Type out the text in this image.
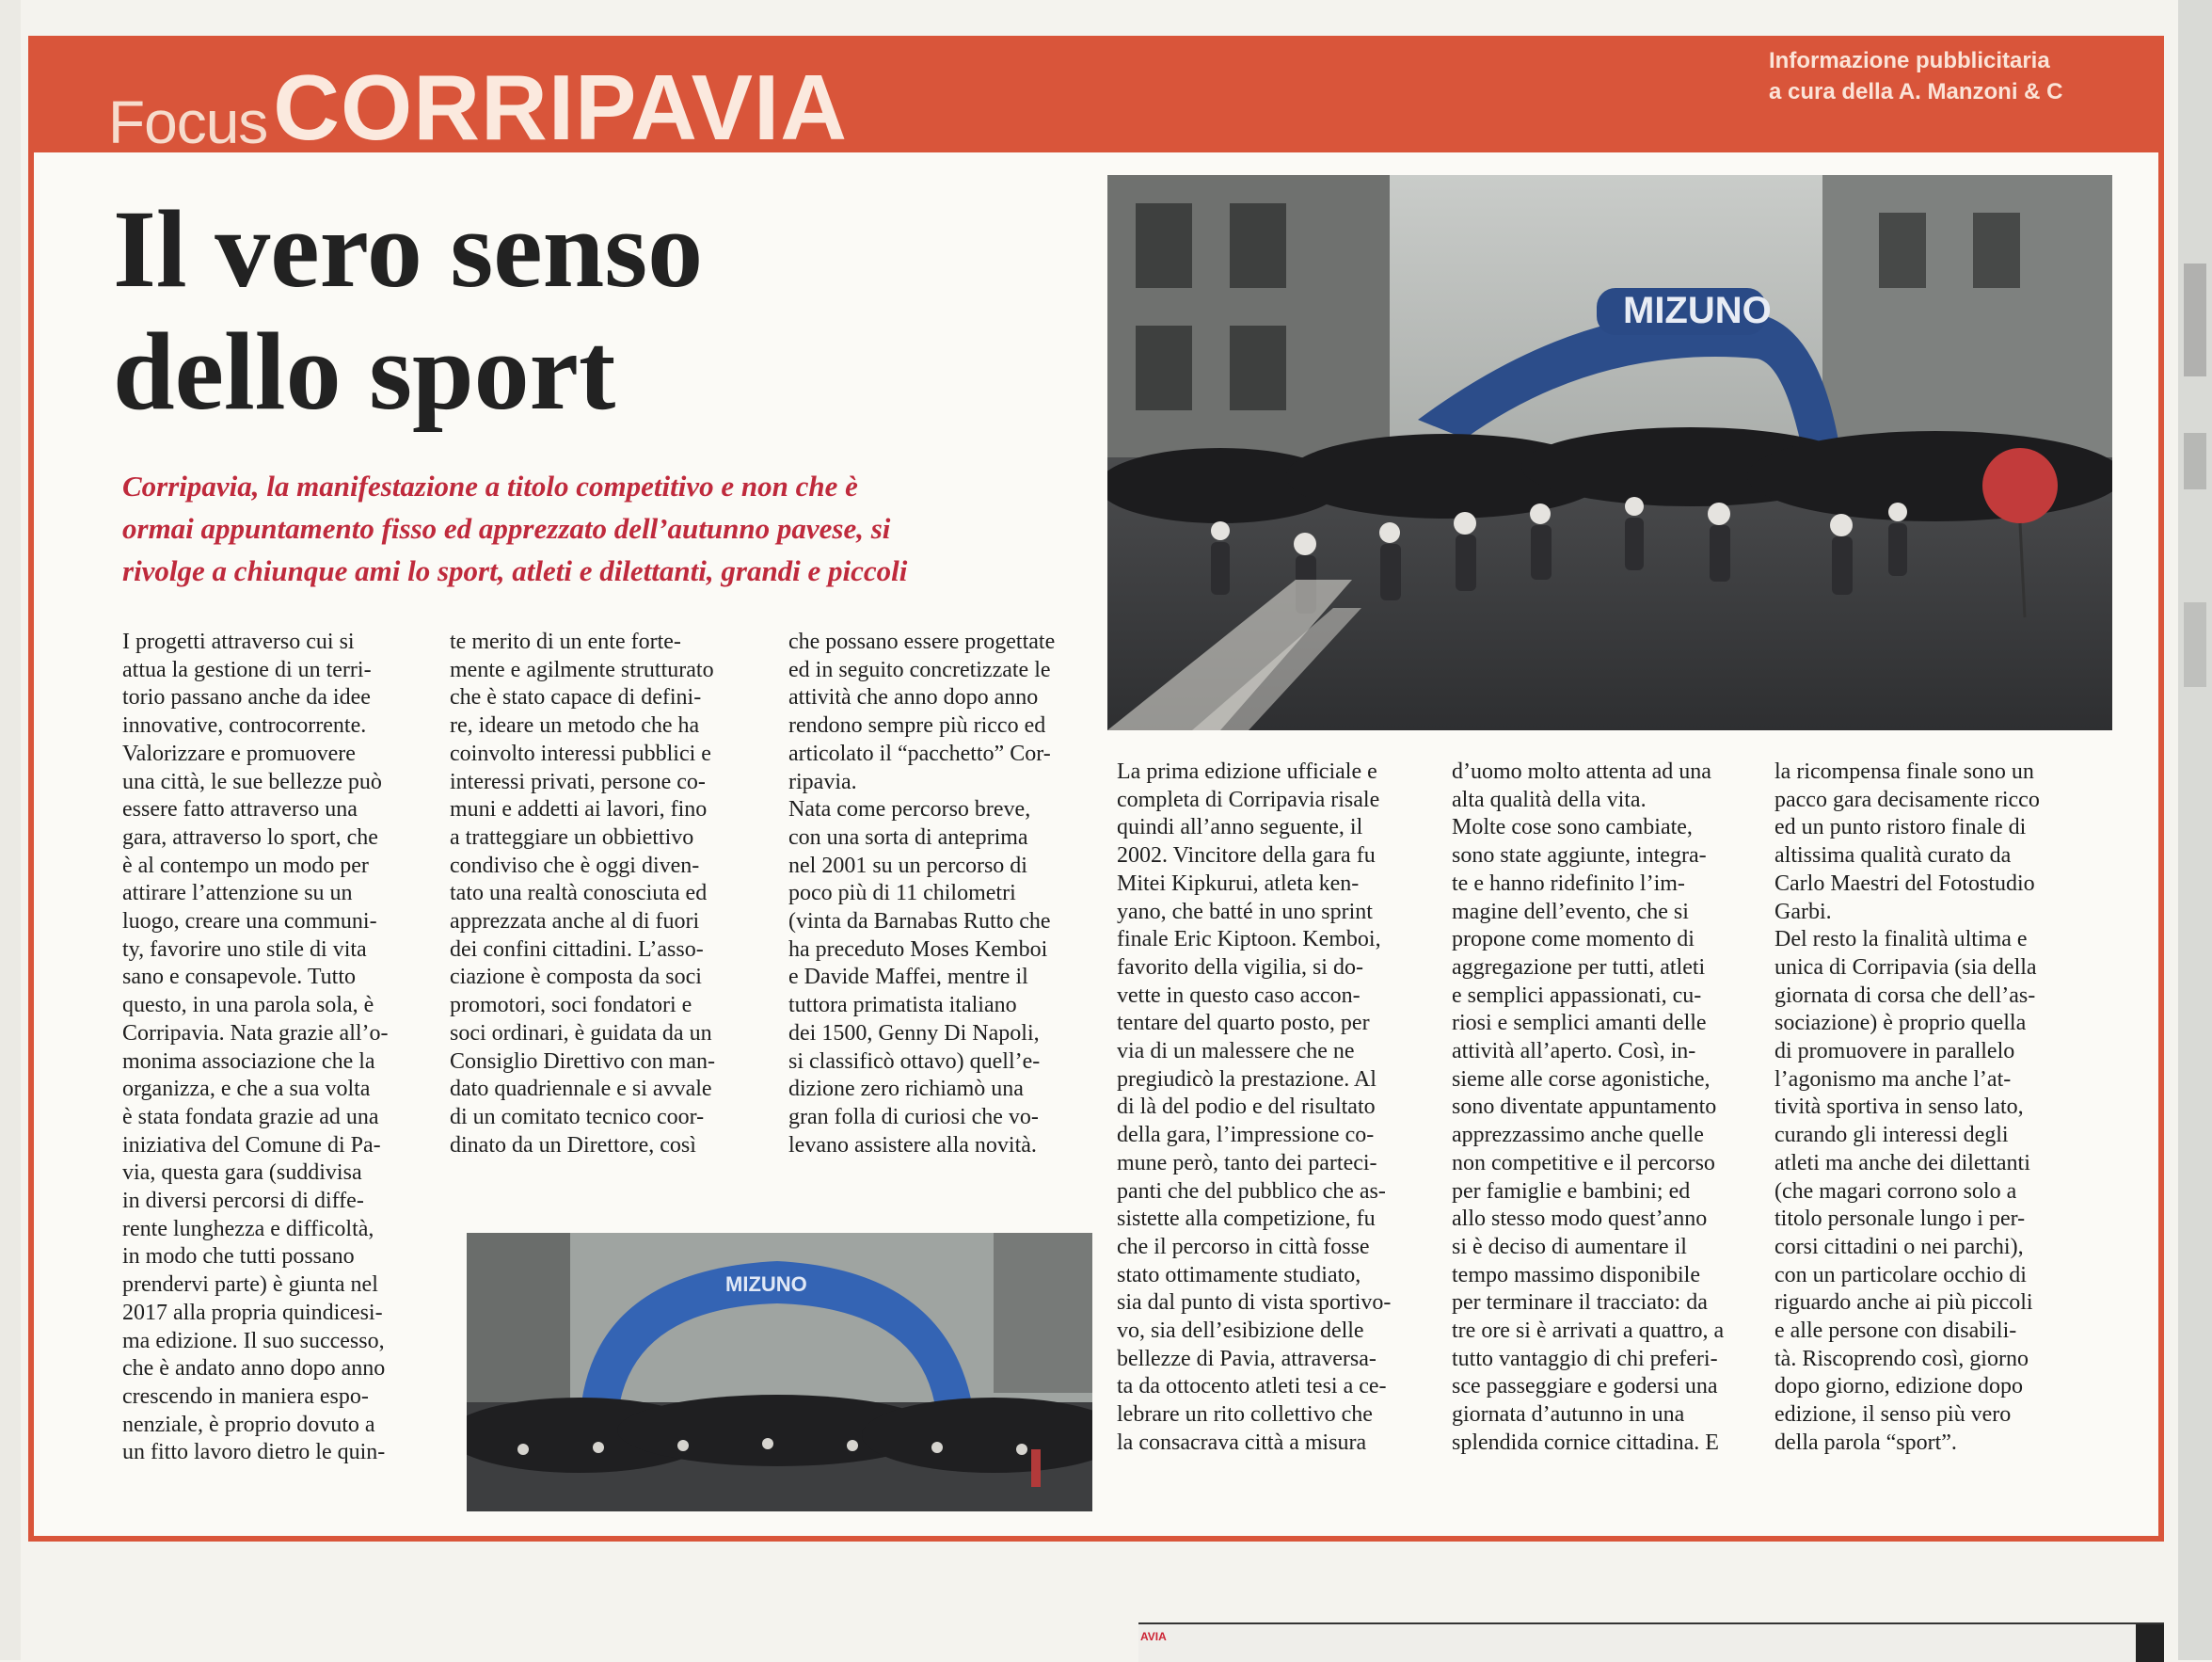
Focus CORRIPAVIA	Informazione pubblicitaria
a cura della A. Manzoni & C
Il vero senso
dello sport
Corripavia, la manifestazione a titolo competitivo e non che è
ormai appuntamento fisso ed apprezzato dell’autunno pavese, si
rivolge a chiunque ami lo sport, atleti e dilettanti, grandi e piccoli
MIZUNO
MIZUNO
I progetti attraverso cui si
attua la gestione di un terri-
torio passano anche da idee
innovative, controcorrente.
Valorizzare e promuovere
una città, le sue bellezze può
essere fatto attraverso una
gara, attraverso lo sport, che
è al contempo un modo per
attirare l’attenzione su un
luogo, creare una communi-
ty, favorire uno stile di vita
sano e consapevole. Tutto
questo, in una parola sola, è
Corripavia. Nata grazie all’o-
monima associazione che la
organizza, e che a sua volta
è stata fondata grazie ad una
iniziativa del Comune di Pa-
via, questa gara (suddivisa
in diversi percorsi di diffe-
rente lunghezza e difficoltà,
in modo che tutti possano
prendervi parte) è giunta nel
2017 alla propria quindicesi-
ma edizione. Il suo successo,
che è andato anno dopo anno
crescendo in maniera espo-
nenziale, è proprio dovuto a
un fitto lavoro dietro le quin-
te merito di un ente forte-
mente e agilmente strutturato
che è stato capace di defini-
re, ideare un metodo che ha
coinvolto interessi pubblici e
interessi privati, persone co-
muni e addetti ai lavori, fino
a tratteggiare un obbiettivo
condiviso che è oggi diven-
tato una realtà conosciuta ed
apprezzata anche al di fuori
dei confini cittadini. L’asso-
ciazione è composta da soci
promotori, soci fondatori e
soci ordinari, è guidata da un
Consiglio Direttivo con man-
dato quadriennale e si avvale
di un comitato tecnico coor-
dinato da un Direttore, così
che possano essere progettate
ed in seguito concretizzate le
attività che anno dopo anno
rendono sempre più ricco ed
articolato il “pacchetto” Cor-
ripavia.
Nata come percorso breve,
con una sorta di anteprima
nel 2001 su un percorso di
poco più di 11 chilometri
(vinta da Barnabas Rutto che
ha preceduto Moses Kemboi
e Davide Maffei, mentre il
tuttora primatista italiano
dei 1500, Genny Di Napoli,
si classificò ottavo) quell’e-
dizione zero richiamò una
gran folla di curiosi che vo-
levano assistere alla novità.
La prima edizione ufficiale e
completa di Corripavia risale
quindi all’anno seguente, il
2002. Vincitore della gara fu
Mitei Kipkurui, atleta ken-
yano, che batté in uno sprint
finale Eric Kiptoon. Kemboi,
favorito della vigilia, si do-
vette in questo caso accon-
tentare del quarto posto, per
via di un malessere che ne
pregiudicò la prestazione. Al
di là del podio e del risultato
della gara, l’impressione co-
mune però, tanto dei parteci-
panti che del pubblico che as-
sistette alla competizione, fu
che il percorso in città fosse
stato ottimamente studiato,
sia dal punto di vista sportivo-
vo, sia dell’esibizione delle
bellezze di Pavia, attraversa-
ta da ottocento atleti tesi a ce-
lebrare un rito collettivo che
la consacrava città a misura
d’uomo molto attenta ad una
alta qualità della vita.
Molte cose sono cambiate,
sono state aggiunte, integra-
te e hanno ridefinito l’im-
magine dell’evento, che si
propone come momento di
aggregazione per tutti, atleti
e semplici appassionati, cu-
riosi e semplici amanti delle
attività all’aperto. Così, in-
sieme alle corse agonistiche,
sono diventate appuntamento
apprezzassimo anche quelle
non competitive e il percorso
per famiglie e bambini; ed
allo stesso modo quest’anno
si è deciso di aumentare il
tempo massimo disponibile
per terminare il tracciato: da
tre ore si è arrivati a quattro, a
tutto vantaggio di chi preferi-
sce passeggiare e godersi una
giornata d’autunno in una
splendida cornice cittadina. E
la ricompensa finale sono un
pacco gara decisamente ricco
ed un punto ristoro finale di
altissima qualità curato da
Carlo Maestri del Fotostudio
Garbi.
Del resto la finalità ultima e
unica di Corripavia (sia della
giornata di corsa che dell’as-
sociazione) è proprio quella
di promuovere in parallelo
l’agonismo ma anche l’at-
tività sportiva in senso lato,
curando gli interessi degli
atleti ma anche dei dilettanti
(che magari corrono solo a
titolo personale lungo i per-
corsi cittadini o nei parchi),
con un particolare occhio di
riguardo anche ai più piccoli
e alle persone con disabili-
tà. Riscoprendo così, giorno
dopo giorno, edizione dopo
edizione, il senso più vero
della parola “sport”.
AVIA
